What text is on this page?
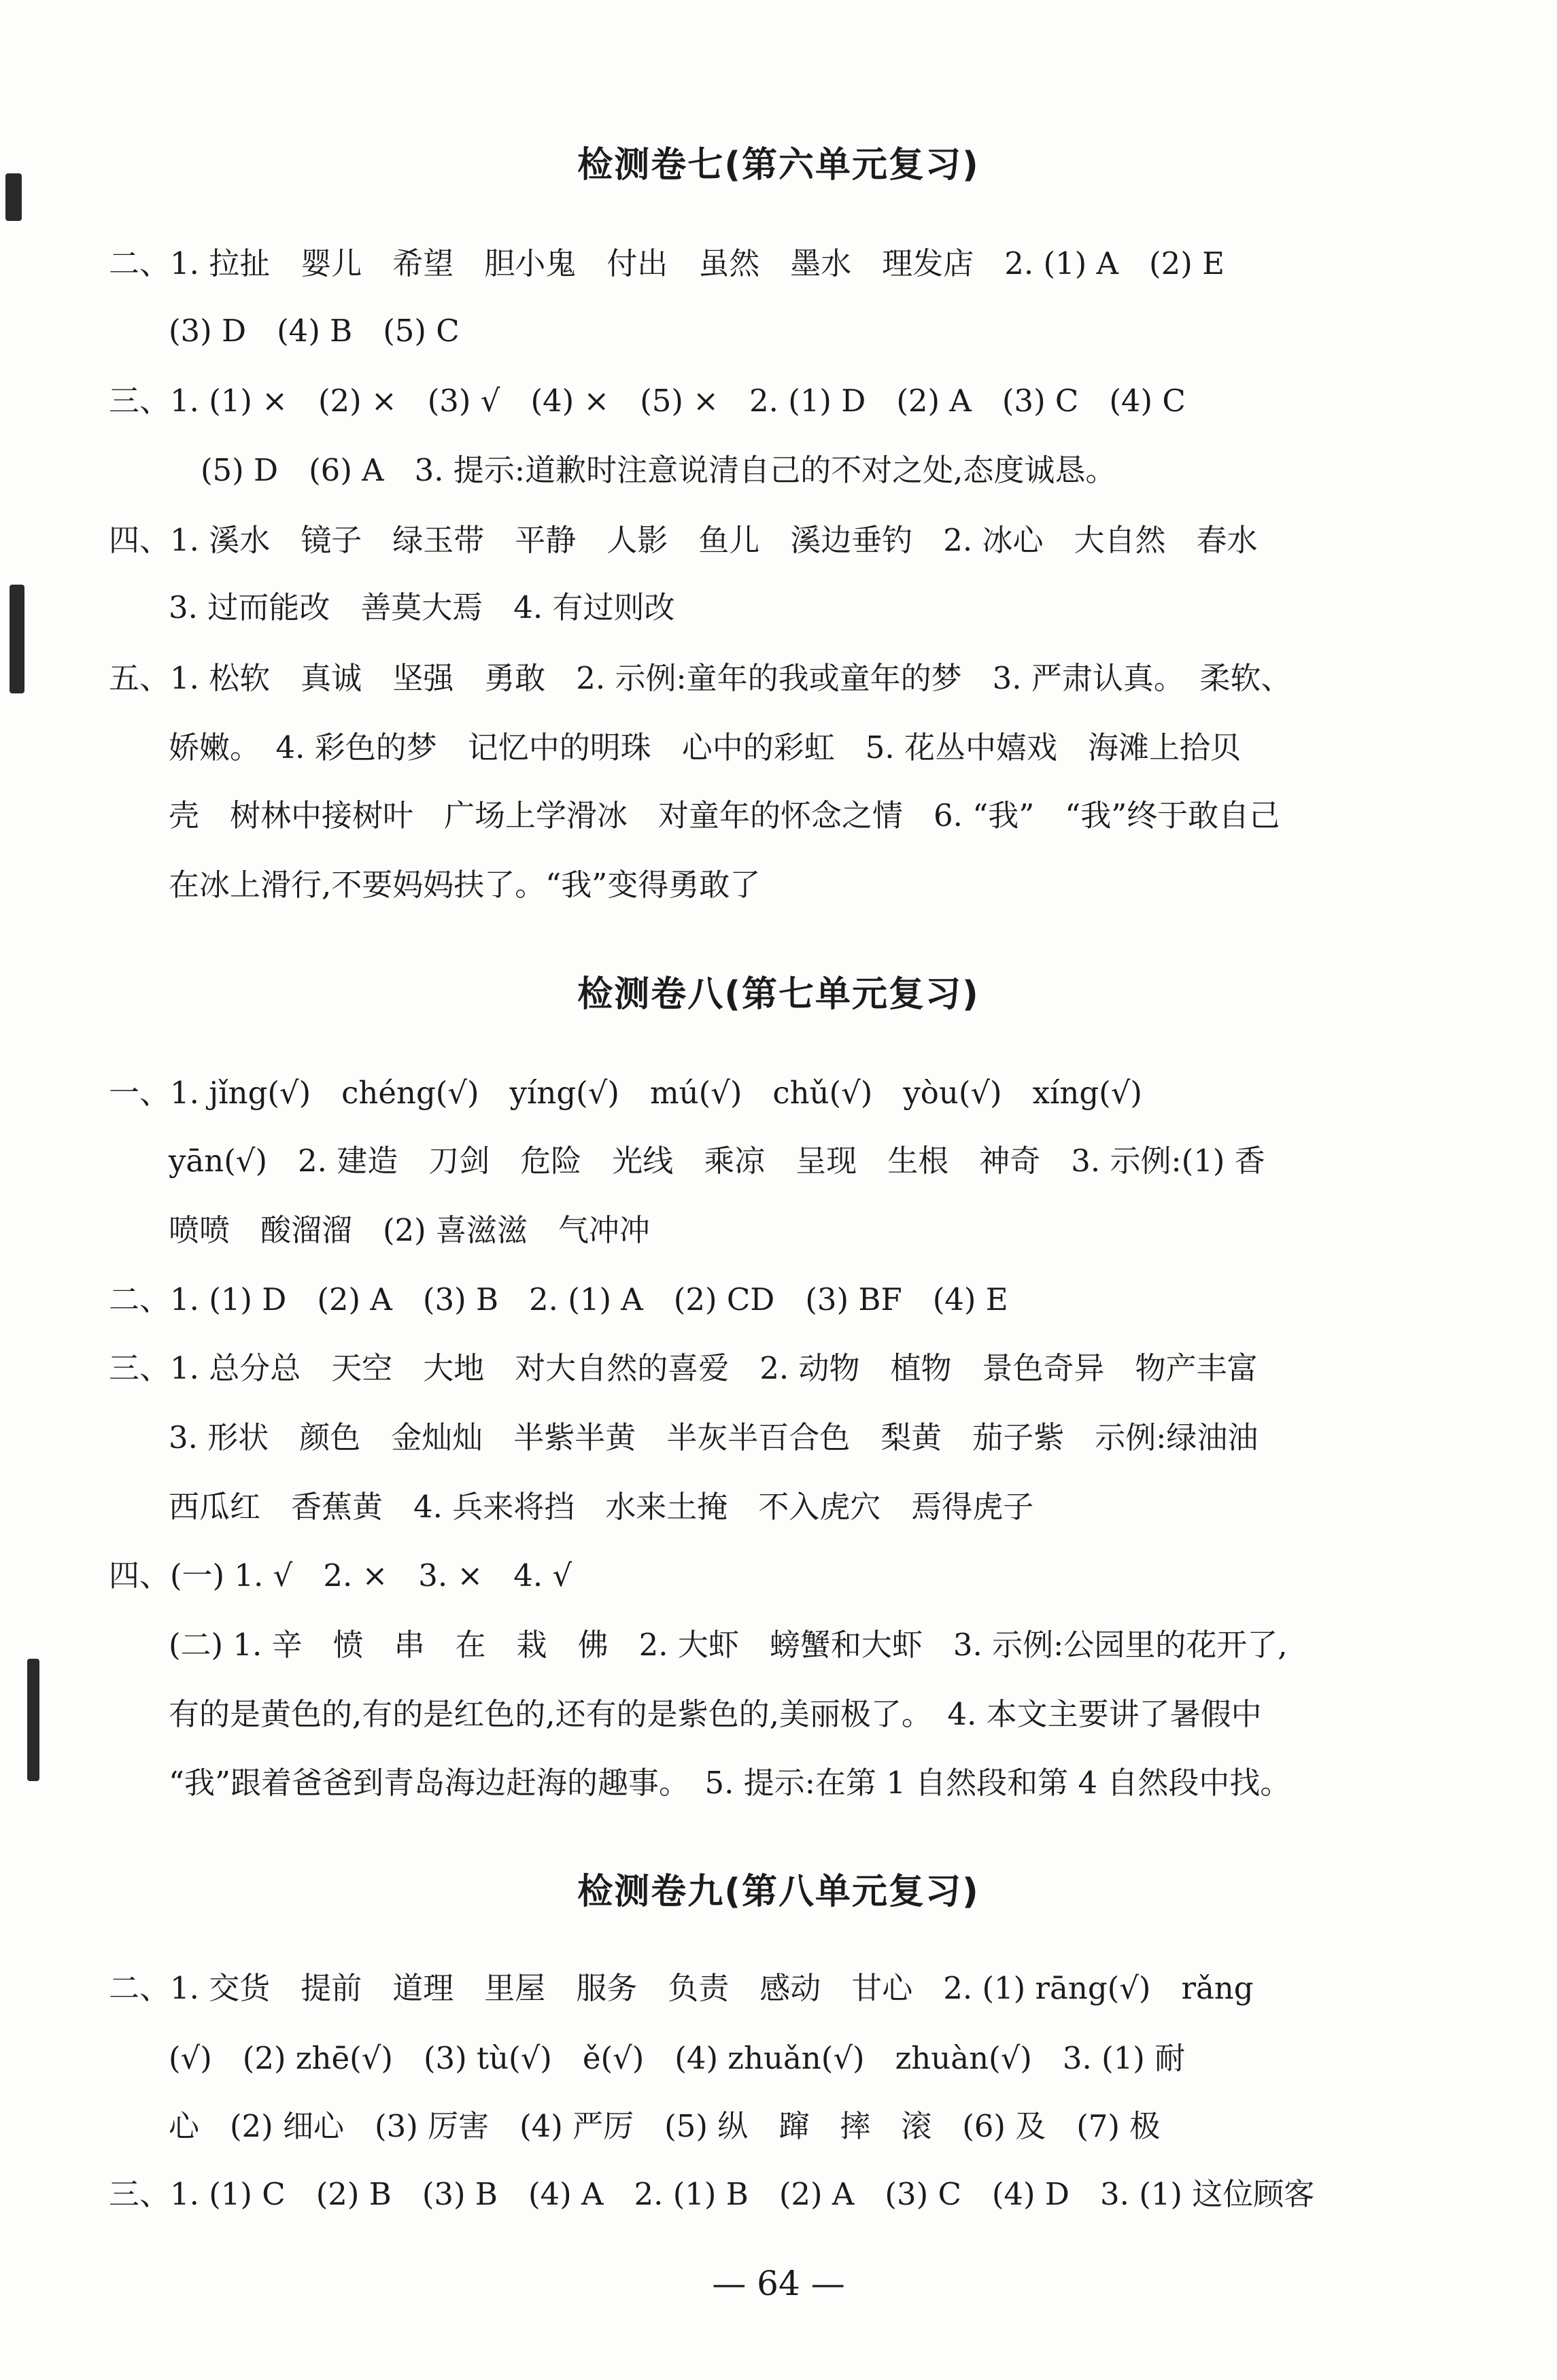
检测卷七(第六单元复习)
二、1. 拉扯　婴儿　希望　胆小鬼　付出　虽然　墨水　理发店　2. (1) A　(2) E
(3) D　(4) B　(5) C
三、1. (1) ×　(2) ×　(3) √　(4) ×　(5) ×　2. (1) D　(2) A　(3) C　(4) C
(5) D　(6) A　3. 提示:道歉时注意说清自己的不对之处,态度诚恳。
四、1. 溪水　镜子　绿玉带　平静　人影　鱼儿　溪边垂钓　2. 冰心　大自然　春水
3. 过而能改　善莫大焉　4. 有过则改
五、1. 松软　真诚　坚强　勇敢　2. 示例:童年的我或童年的梦　3. 严肃认真。　柔软、
娇嫩。　4. 彩色的梦　记忆中的明珠　心中的彩虹　5. 花丛中嬉戏　海滩上拾贝
壳　树林中接树叶　广场上学滑冰　对童年的怀念之情　6. “我”　“我”终于敢自己
在冰上滑行,不要妈妈扶了。“我”变得勇敢了
检测卷八(第七单元复习)
一、1. jǐng(√)　chéng(√)　yíng(√)　mú(√)　chǔ(√)　yòu(√)　xíng(√)
yān(√)　2. 建造　刀剑　危险　光线　乘凉　呈现　生根　神奇　3. 示例:(1) 香
喷喷　酸溜溜　(2) 喜滋滋　气冲冲
二、1. (1) D　(2) A　(3) B　2. (1) A　(2) CD　(3) BF　(4) E
三、1. 总分总　天空　大地　对大自然的喜爱　2. 动物　植物　景色奇异　物产丰富
3. 形状　颜色　金灿灿　半紫半黄　半灰半百合色　梨黄　茄子紫　示例:绿油油
西瓜红　香蕉黄　4. 兵来将挡　水来土掩　不入虎穴　焉得虎子
四、(一) 1. √　2. ×　3. ×　4. √
(二) 1. 辛　愤　串　在　栽　佛　2. 大虾　螃蟹和大虾　3. 示例:公园里的花开了,
有的是黄色的,有的是红色的,还有的是紫色的,美丽极了。　4. 本文主要讲了暑假中
“我”跟着爸爸到青岛海边赶海的趣事。　5. 提示:在第 1 自然段和第 4 自然段中找。
检测卷九(第八单元复习)
二、1. 交货　提前　道理　里屋　服务　负责　感动　甘心　2. (1) rāng(√)　rǎng
(√)　(2) zhē(√)　(3) tù(√)　ě(√)　(4) zhuǎn(√)　zhuàn(√)　3. (1) 耐
心　(2) 细心　(3) 厉害　(4) 严厉　(5) 纵　蹿　摔　滚　(6) 及　(7) 极
三、1. (1) C　(2) B　(3) B　(4) A　2. (1) B　(2) A　(3) C　(4) D　3. (1) 这位顾客
— 64 —
